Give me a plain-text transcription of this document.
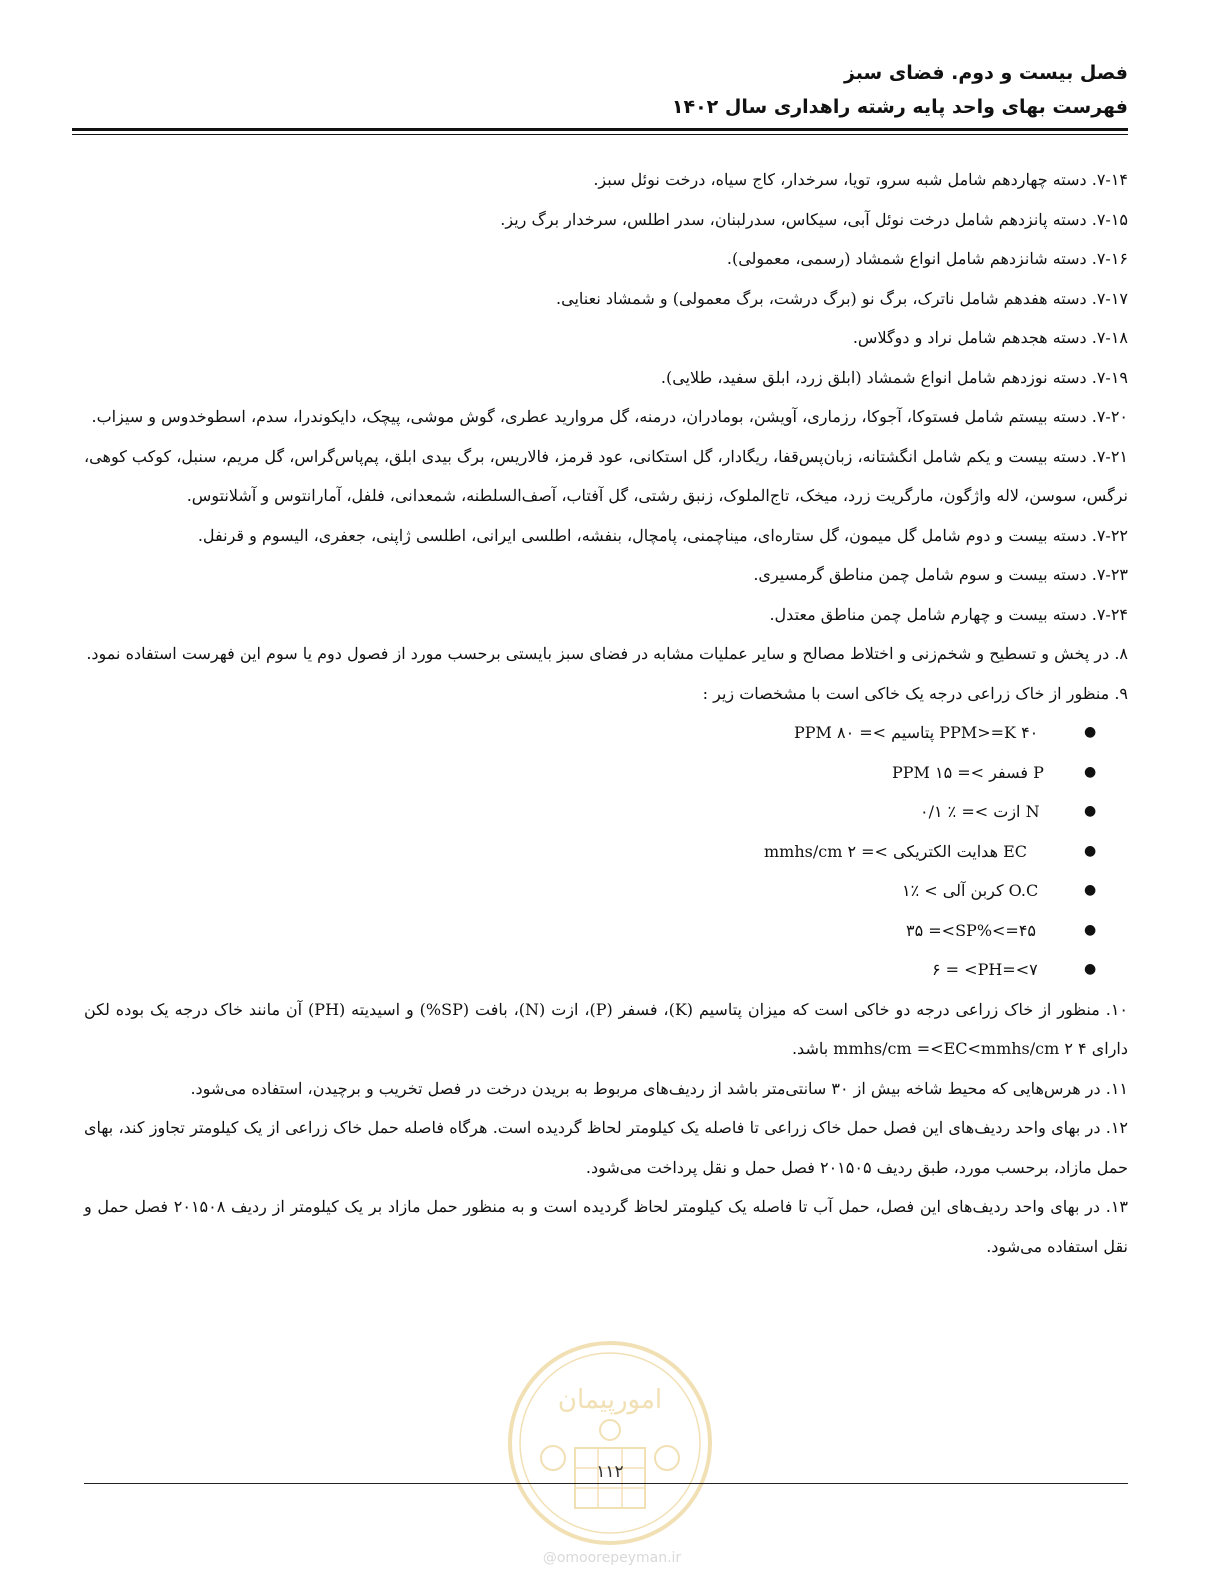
فصل بیست و دوم. فضای سبز
فهرست بهای واحد پایه رشته راهداری سال ۱۴۰۲

۷-۱۴. دسته چهاردهم شامل شبه سرو، تویا، سرخدار، کاج سیاه، درخت نوئل سبز.

۷-۱۵. دسته پانزدهم شامل درخت نوئل آبی، سیکاس، سدرلبنان، سدر اطلس، سرخدار برگ ریز.

۷-۱۶. دسته شانزدهم شامل انواع شمشاد (رسمی، معمولی).

۷-۱۷. دسته هفدهم شامل ناترک، برگ نو (برگ درشت، برگ معمولی) و شمشاد نعنایی.

۷-۱۸. دسته هجدهم شامل نراد و دوگلاس.

۷-۱۹. دسته نوزدهم شامل انواع شمشاد (ابلق زرد، ابلق سفید، طلایی).

۷-۲۰. دسته بیستم شامل فستوکا، آجوکا، رزماری، آویشن، بومادران، درمنه، گل مروارید عطری، گوش موشی، پیچک، دایکوندرا، سدم، اسطوخدوس و سیزاب.

۷-۲۱. دسته بیست و یکم شامل انگشتانه، زبان‌پس‌قفا، ریگادار، گل استکانی، عود قرمز، فالاریس، برگ بیدی ابلق، پم‌پاس‌گراس، گل مریم، سنبل، کوکب کوهی، نرگس، سوسن، لاله واژگون، مارگریت زرد، میخک، تاج‌الملوک، زنبق رشتی، گل آفتاب، آصف‌السلطنه، شمعدانی، فلفل، آمارانتوس و آشلانتوس.

۷-۲۲. دسته بیست و دوم شامل گل میمون، گل ستاره‌ای، میناچمنی، پامچال، بنفشه، اطلسی ایرانی، اطلسی ژاپنی، جعفری، الیسوم و قرنفل.

۷-۲۳. دسته بیست و سوم شامل چمن مناطق گرمسیری.

۷-۲۴. دسته بیست و چهارم شامل چمن مناطق معتدل.

۸. در پخش و تسطیح و شخم‌زنی و اختلاط مصالح و سایر عملیات مشابه در فضای سبز بایستی برحسب مورد از فصول دوم یا سوم این فهرست استفاده نمود.

۹. منظور از خاک زراعی درجه یک خاکی است با مشخصات زیر :

PPM ۸۰ =< پتاسیم PPM>=K ۴۰	●
PPM ۱۵ =< فسفر P	●
۰/۱ ٪ =< ازت N	●
mmhs/cm ۲ =< هدایت الکتریکی EC	●
۱٪ < کربن آلی O.C	●
۳۵ =<SP%<=۴۵	●
۶ = <PH=<۷	●

۱۰. منظور از خاک زراعی درجه دو خاکی است که میزان پتاسیم (K)، فسفر (P)، ازت (N)، بافت (SP%) و اسیدیته (PH) آن مانند خاک درجه یک بوده لکن دارای ۴ mmhs/cm =<EC<mmhs/cm ۲ باشد.

۱۱. در هرس‌هایی که محیط شاخه بیش از ۳۰ سانتی‌متر باشد از ردیف‌های مربوط به بریدن درخت در فصل تخریب و برچیدن، استفاده می‌شود.

۱۲. در بهای واحد ردیف‌های این فصل حمل خاک زراعی تا فاصله یک کیلومتر لحاظ گردیده است. هرگاه فاصله حمل خاک زراعی از یک کیلومتر تجاوز کند، بهای حمل مازاد، برحسب مورد، طبق ردیف ۲۰۱۵۰۵ فصل حمل و نقل پرداخت می‌شود.

۱۳. در بهای واحد ردیف‌های این فصل، حمل آب تا فاصله یک کیلومتر لحاظ گردیده است و به منظور حمل مازاد بر یک کیلومتر از ردیف ۲۰۱۵۰۸ فصل حمل و نقل استفاده می‌شود.

امورپیمان
۱۱۲
@omoorepeyman.ir
